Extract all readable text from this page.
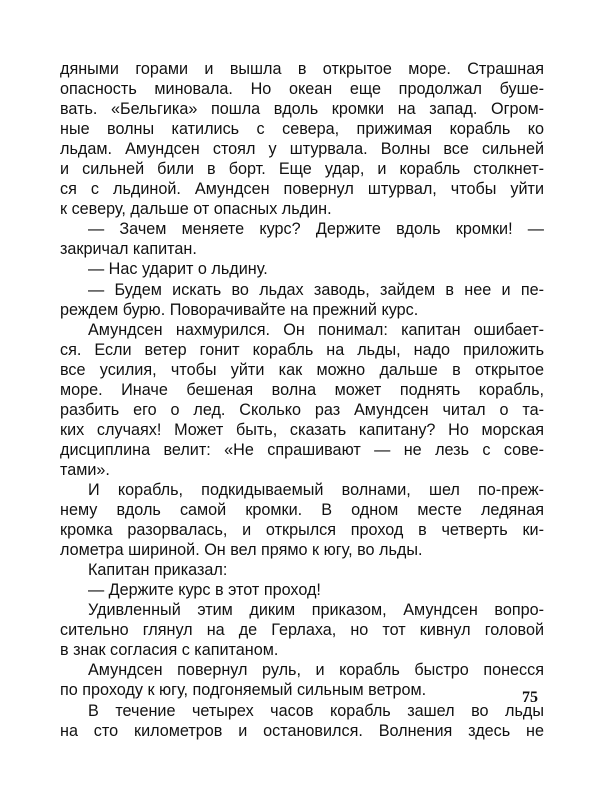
дяными горами и вышла в открытое море. Страшная
опасность миновала. Но океан еще продолжал буше-
вать. «Бельгика» пошла вдоль кромки на запад. Огром-
ные волны катились с севера, прижимая корабль ко
льдам. Амундсен стоял у штурвала. Волны все сильней
и сильней били в борт. Еще удар, и корабль столкнет-
ся с льдиной. Амундсен повернул штурвал, чтобы уйти
к северу, дальше от опасных льдин.
— Зачем меняете курс? Держите вдоль кромки! —
закричал капитан.
— Нас ударит о льдину.
— Будем искать во льдах заводь, зайдем в нее и пе-
реждем бурю. Поворачивайте на прежний курс.
Амундсен нахмурился. Он понимал: капитан ошибает-
ся. Если ветер гонит корабль на льды, надо приложить
все усилия, чтобы уйти как можно дальше в открытое
море. Иначе бешеная волна может поднять корабль,
разбить его о лед. Сколько раз Амундсен читал о та-
ких случаях! Может быть, сказать капитану? Но морская
дисциплина велит: «Не спрашивают — не лезь с сове-
тами».
И корабль, подкидываемый волнами, шел по-преж-
нему вдоль самой кромки. В одном месте ледяная
кромка разорвалась, и открылся проход в четверть ки-
лометра шириной. Он вел прямо к югу, во льды.
Капитан приказал:
— Держите курс в этот проход!
Удивленный этим диким приказом, Амундсен вопро-
сительно глянул на де Герлаха, но тот кивнул головой
в знак согласия с капитаном.
Амундсен повернул руль, и корабль быстро понесся
по проходу к югу, подгоняемый сильным ветром.
В течение четырех часов корабль зашел во льды
на сто километров и остановился. Волнения здесь не
75
